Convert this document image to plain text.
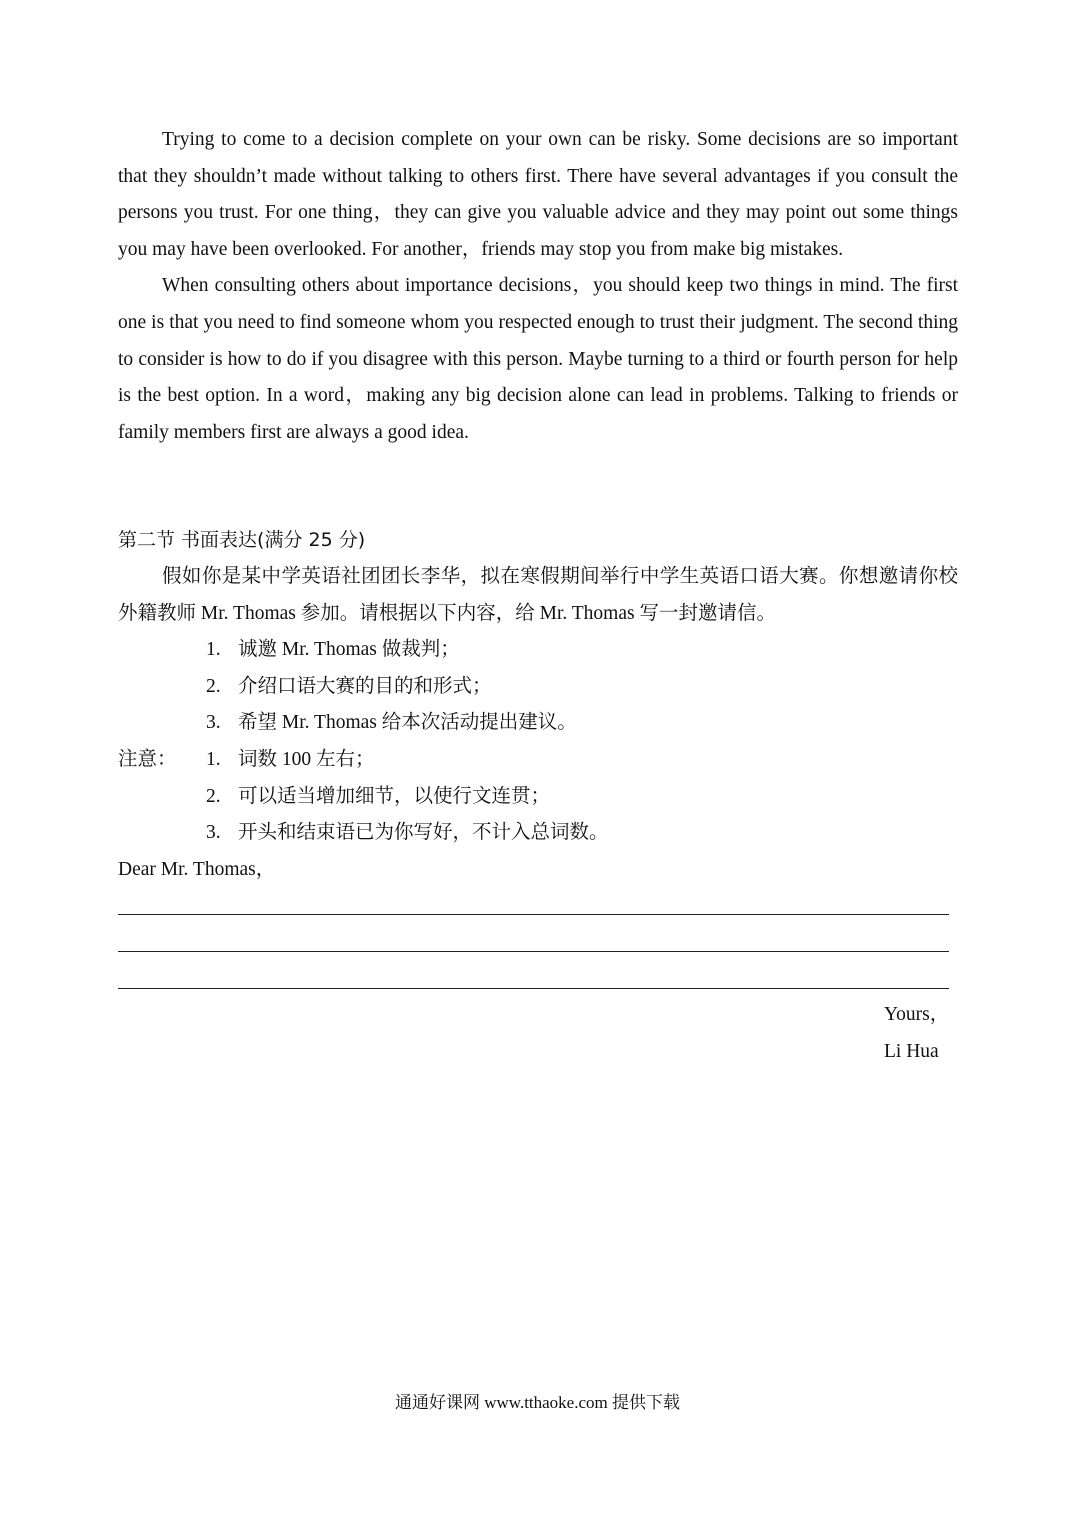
Trying to come to a decision complete on your own can be risky. Some decisions are so important that they shouldn’t made without talking to others first. There have several advantages if you consult the persons you trust. For one thing，they can give you valuable advice and they may point out some things you may have been overlooked. For another，friends may stop you from make big mistakes.

When consulting others about importance decisions，you should keep two things in mind. The first one is that you need to find someone whom you respected enough to trust their judgment. The second thing to consider is how to do if you disagree with this person. Maybe turning to a third or fourth person for help is the best option. In a word，making any big decision alone can lead in problems. Talking to friends or family members first are always a good idea.

第二节 书面表达(满分 25 分)
假如你是某中学英语社团团长李华，拟在寒假期间举行中学生英语口语大赛。你想邀请你校外籍教师 Mr. Thomas 参加。请根据以下内容，给 Mr. Thomas 写一封邀请信。
1. 诚邀 Mr. Thomas 做裁判；
2. 介绍口语大赛的目的和形式；
3. 希望 Mr. Thomas 给本次活动提出建议。
注意： 1. 词数 100 左右；
2. 可以适当增加细节，以使行文连贯；
3. 开头和结束语已为你写好，不计入总词数。
Dear Mr. Thomas，
Yours，
Li Hua
通通好课网 www.tthaoke.com 提供下载
